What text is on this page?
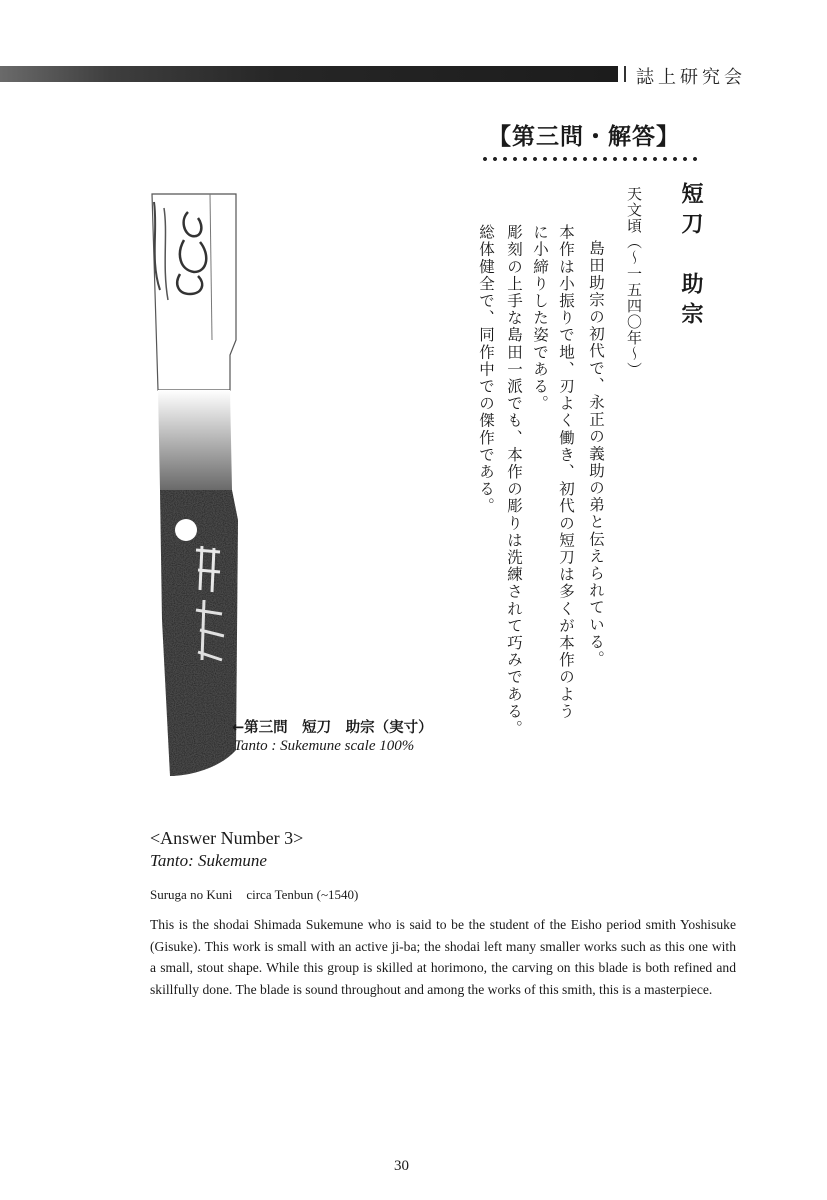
誌上研究会
【第三問・解答】
短刀助宗
天文頃（〜一五四〇年〜）
島田助宗の初代で、永正の義助の弟と伝えられている。
本作は小振りで地、刃よく働き、初代の短刀は多くが本作のよう
に小締りした姿である。
彫刻の上手な島田一派でも、本作の彫りは洗練されて巧みである。
総体健全で、同作中での傑作である。
←第三問　短刀　助宗（実寸）
Tanto : Sukemune scale 100%
<Answer Number 3>
Tanto: Sukemune
Suruga no Kuni circa Tenbun (~1540)
This is the shodai Shimada Sukemune who is said to be the student of the Eisho period smith Yoshisuke (Gisuke). This work is small with an active ji-ba; the shodai left many smaller works such as this one with a small, stout shape. While this group is skilled at horimono, the carving on this blade is both refined and skillfully done. The blade is sound throughout and among the works of this smith, this is a masterpiece.
30
